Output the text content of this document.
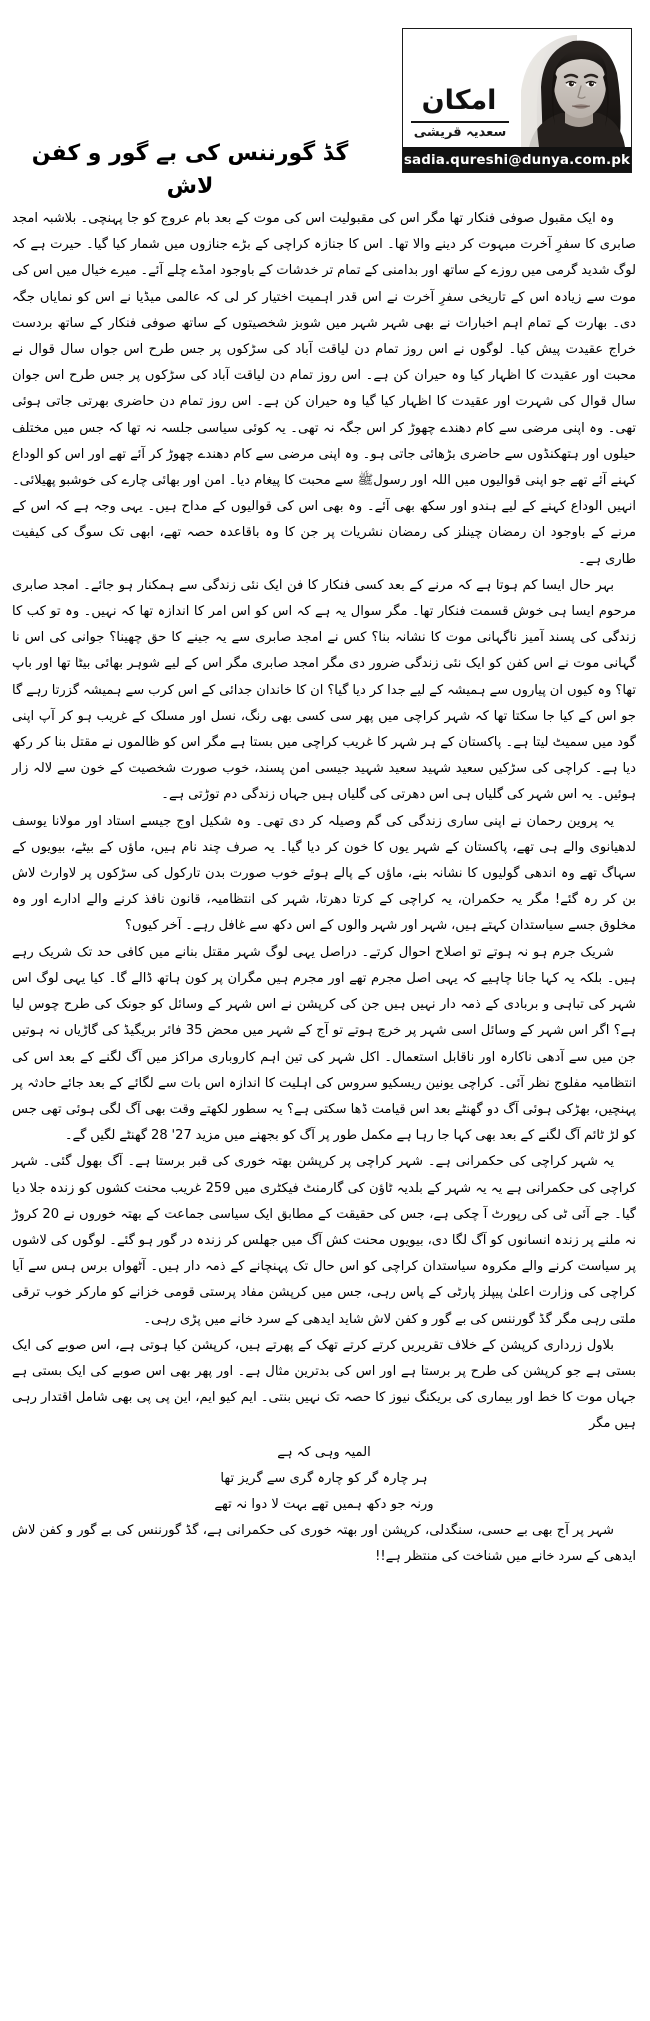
امکان
سعدیہ قریشی
sadia.qureshi@dunya.com.pk
گڈ گورننس کی بے گور و کفن لاش

وہ ایک مقبول صوفی فنکار تھا مگر اس کی مقبولیت اس کی موت کے بعد بام عروج کو جا پہنچی۔ بلاشبہ امجد صابری کا سفرِ آخرت مبہوت کر دینے والا تھا۔ اس کا جنازہ کراچی کے بڑے جنازوں میں شمار کیا گیا۔ حیرت ہے کہ لوگ شدید گرمی میں روزے کے ساتھ اور بدامنی کے تمام تر خدشات کے باوجود امڈے چلے آئے۔ میرے خیال میں اس کی موت سے زیادہ اس کے تاریخی سفرِ آخرت نے اس قدر اہمیت اختیار کر لی کہ عالمی میڈیا نے اس کو نمایاں جگہ دی۔ بھارت کے تمام اہم اخبارات نے بھی شہر شہر میں شوبز شخصیتوں کے ساتھ صوفی فنکار کے ساتھ بردست خراج عقیدت پیش کیا۔ لوگوں نے اس روز تمام دن لیاقت آباد کی سڑکوں پر جس طرح اس جواں سال قوال نے محبت اور عقیدت کا اظہار کیا وہ حیران کن ہے۔ اس روز تمام دن لیاقت آباد کی سڑکوں پر جس طرح اس جوان سال قوال کی شہرت اور عقیدت کا اظہار کیا گیا وہ حیران کن ہے۔ اس روز تمام دن حاضری بھرتی جاتی ہوئی تھی۔ وہ اپنی مرضی سے کام دھندے چھوڑ کر اس جگہ نہ تھی۔ یہ کوئی سیاسی جلسہ نہ تھا کہ جس میں مختلف حیلوں اور ہتھکنڈوں سے حاضری بڑھائی جاتی ہو۔ وہ اپنی مرضی سے کام دھندے چھوڑ کر آئے تھے اور اس کو الوداع کہنے آئے تھے جو اپنی قوالیوں میں اللہ اور رسولﷺ سے محبت کا پیغام دیا۔ امن اور بھائی چارے کی خوشبو پھیلائی۔ انہیں الوداع کہنے کے لیے ہندو اور سکھ بھی آئے۔ وہ بھی اس کی قوالیوں کے مداح ہیں۔ یہی وجہ ہے کہ اس کے مرنے کے باوجود ان رمضان چینلز کی رمضان نشریات پر جن کا وہ باقاعدہ حصہ تھے، ابھی تک سوگ کی کیفیت طاری ہے۔

بہر حال ایسا کم ہوتا ہے کہ مرنے کے بعد کسی فنکار کا فن ایک نئی زندگی سے ہمکنار ہو جائے۔ امجد صابری مرحوم ایسا ہی خوش قسمت فنکار تھا۔ مگر سوال یہ ہے کہ اس کو اس امر کا اندازہ تھا کہ نہیں۔ وہ تو کب کا زندگی کی پسند آمیز ناگہانی موت کا نشانہ بنا؟ کس نے امجد صابری سے یہ جینے کا حق چھینا؟ جوانی کی اس نا گہانی موت نے اس کفن کو ایک نئی زندگی ضرور دی مگر امجد صابری مگر اس کے لیے شوہر بھائی بیٹا تھا اور باپ تھا؟ وہ کیوں ان پیاروں سے ہمیشہ کے لیے جدا کر دیا گیا؟ ان کا خاندان جدائی کے اس کرب سے ہمیشہ گزرتا رہے گا جو اس کے کیا جا سکتا تھا کہ شہر کراچی میں پھر سی کسی بھی رنگ، نسل اور مسلک کے غریب ہو کر آپ اپنی گود میں سمیٹ لیتا ہے۔ پاکستان کے ہر شہر کا غریب کراچی میں بستا ہے مگر اس کو ظالموں نے مقتل بنا کر رکھ دیا ہے۔ کراچی کی سڑکیں سعید شہید سعید شہید جیسی امن پسند، خوب صورت شخصیت کے خون سے لالہ زار ہوئیں۔ یہ اس شہر کی گلیاں ہی اس دھرتی کی گلیاں ہیں جہاں زندگی دم توڑتی ہے۔

یہ پروین رحمان نے اپنی ساری زندگی کی گم وصیلہ کر دی تھی۔ وہ شکیل اوج جیسے استاد اور مولانا یوسف لدھیانوی والے ہی تھے، پاکستان کے شہر یوں کا خون کر دیا گیا۔ یہ صرف چند نام ہیں، ماؤں کے بیٹے، بیویوں کے سہاگ تھے وہ اندھی گولیوں کا نشانہ بنے، ماؤں کے پالے ہوئے خوب صورت بدن تارکول کی سڑکوں پر لاوارث لاش بن کر رہ گئے! مگر یہ حکمران، یہ کراچی کے کرتا دھرتا، شہر کی انتظامیہ، قانون نافذ کرنے والے ادارے اور وہ مخلوق جسے سیاستدان کہتے ہیں، شہر اور شہر والوں کے اس دکھ سے غافل رہے۔ آخر کیوں؟

شریک جرم ہو نہ ہوتے تو اصلاح احوال کرتے۔ دراصل یہی لوگ شہر مقتل بنانے میں کافی حد تک شریک رہے ہیں۔ بلکہ یہ کہا جانا چاہیے کہ یہی اصل مجرم تھے اور مجرم ہیں مگران پر کون ہاتھ ڈالے گا۔ کیا یہی لوگ اس شہر کی تباہی و بربادی کے ذمہ دار نہیں ہیں جن کی کرپشن نے اس شہر کے وسائل کو جونک کی طرح چوس لیا ہے؟ اگر اس شہر کے وسائل اسی شہر پر خرچ ہوتے تو آج کے شہر میں محض 35 فائر بریگیڈ کی گاڑیاں نہ ہوتیں جن میں سے آدھی ناکارہ اور ناقابل استعمال۔ اکل شہر کی تین اہم کاروباری مراکز میں آگ لگنے کے بعد اس کی انتظامیہ مفلوج نظر آئی۔ کراچی یونین ریسکیو سروس کی اہلیت کا اندازہ اس بات سے لگائے کے بعد جائے حادثہ پر پہنچیں، بھڑکی ہوئی آگ دو گھنٹے بعد اس قیامت ڈھا سکتی ہے؟ یہ سطور لکھتے وقت بھی آگ لگی ہوئی تھی جس کو لڑ ٹائم آگ لگنے کے بعد بھی کہا جا رہا ہے مکمل طور پر آگ کو بجھنے میں مزید 27' 28 گھنٹے لگیں گے۔

یہ شہر کراچی کی حکمرانی ہے۔ شہر کراچی پر کرپشن بھتہ خوری کی قبر برستا ہے۔ آگ بھول گئی۔ شہر کراچی کی حکمرانی ہے یہ یہ شہر کے بلدیہ ٹاؤن کی گارمنٹ فیکٹری میں 259 غریب محنت کشوں کو زندہ جلا دیا گیا۔ جے آئی ٹی کی رپورٹ آ چکی ہے، جس کی حقیقت کے مطابق ایک سیاسی جماعت کے بھتہ خوروں نے 20 کروڑ نہ ملنے پر زندہ انسانوں کو آگ لگا دی، بیویوں محنت کش آگ میں جھلس کر زندہ در گور ہو گئے۔ لوگوں کی لاشوں پر سیاست کرنے والے مکروہ سیاستدان کراچی کو اس حال تک پہنچانے کے ذمہ دار ہیں۔ آٹھواں برس ہس سے آیا کراچی کی وزارت اعلیٰ پیپلز پارٹی کے پاس رہی، جس میں کرپشن مفاد پرستی قومی خزانے کو مارکر خوب ترقی ملتی رہی مگر گڈ گورننس کی بے گور و کفن لاش شاید ایدھی کے سرد خانے میں پڑی رہی۔

بلاول زرداری کرپشن کے خلاف تقریریں کرتے کرتے تھک کے پھرتے ہیں، کرپشن کیا ہوتی ہے، اس صوبے کی ایک بستی ہے جو کرپشن کی طرح پر برستا ہے اور اس کی بدترین مثال ہے۔ اور پھر بھی اس صوبے کی ایک بستی ہے جہاں موت کا خط اور بیماری کی بریکنگ نیوز کا حصہ تک نہیں بنتی۔ ایم کیو ایم، این پی پی بھی شامل اقتدار رہی ہیں مگر

المیہ وہی کہ ہے
ہر چارہ گر کو چارہ گری سے گریز تھا
ورنہ جو دکھ ہمیں تھے بہت لا دوا نہ تھے

شہر پر آج بھی بے حسی، سنگدلی، کرپشن اور بھتہ خوری کی حکمرانی ہے، گڈ گورننس کی بے گور و کفن لاش ایدھی کے سرد خانے میں شناخت کی منتظر ہے!!
